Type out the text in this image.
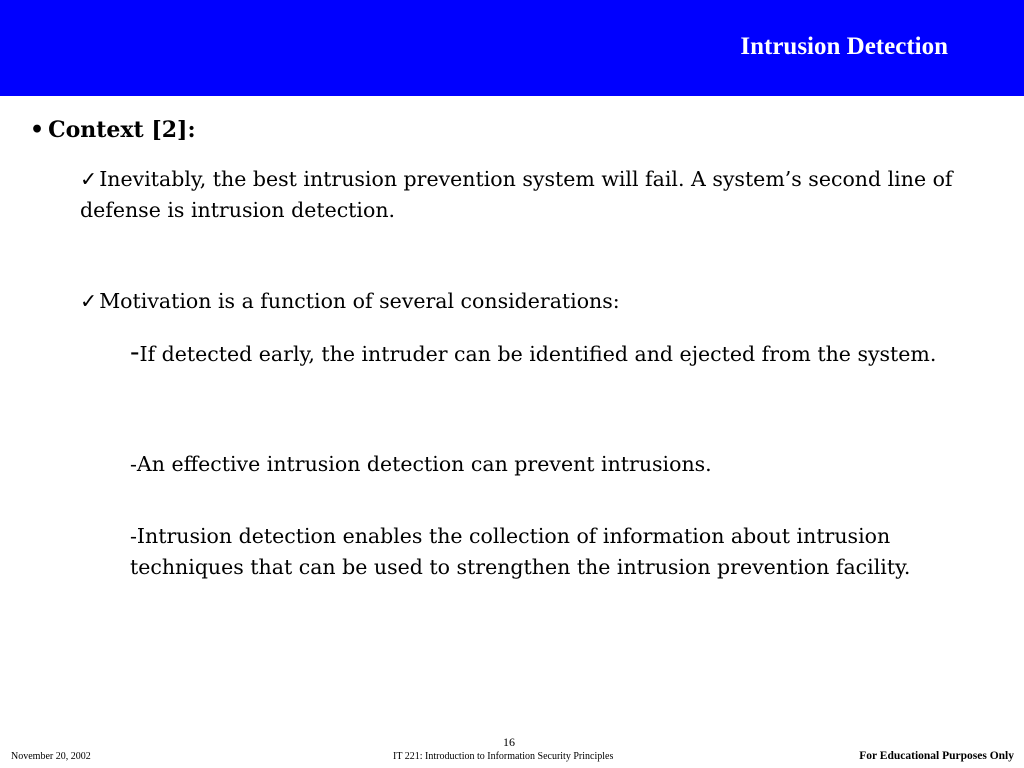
Intrusion Detection
• Context [2]:
✓Inevitably, the best intrusion prevention system will fail. A system’s second line of defense is intrusion detection.
✓Motivation is a function of several considerations:
-If detected early, the intruder can be identified and ejected from the system.
-An effective intrusion detection can prevent intrusions.
-Intrusion detection enables the collection of information about intrusion techniques that can be used to strengthen the intrusion prevention facility.
16
November 20, 2002	IT 221: Introduction to Information Security Principles	For Educational Purposes Only
